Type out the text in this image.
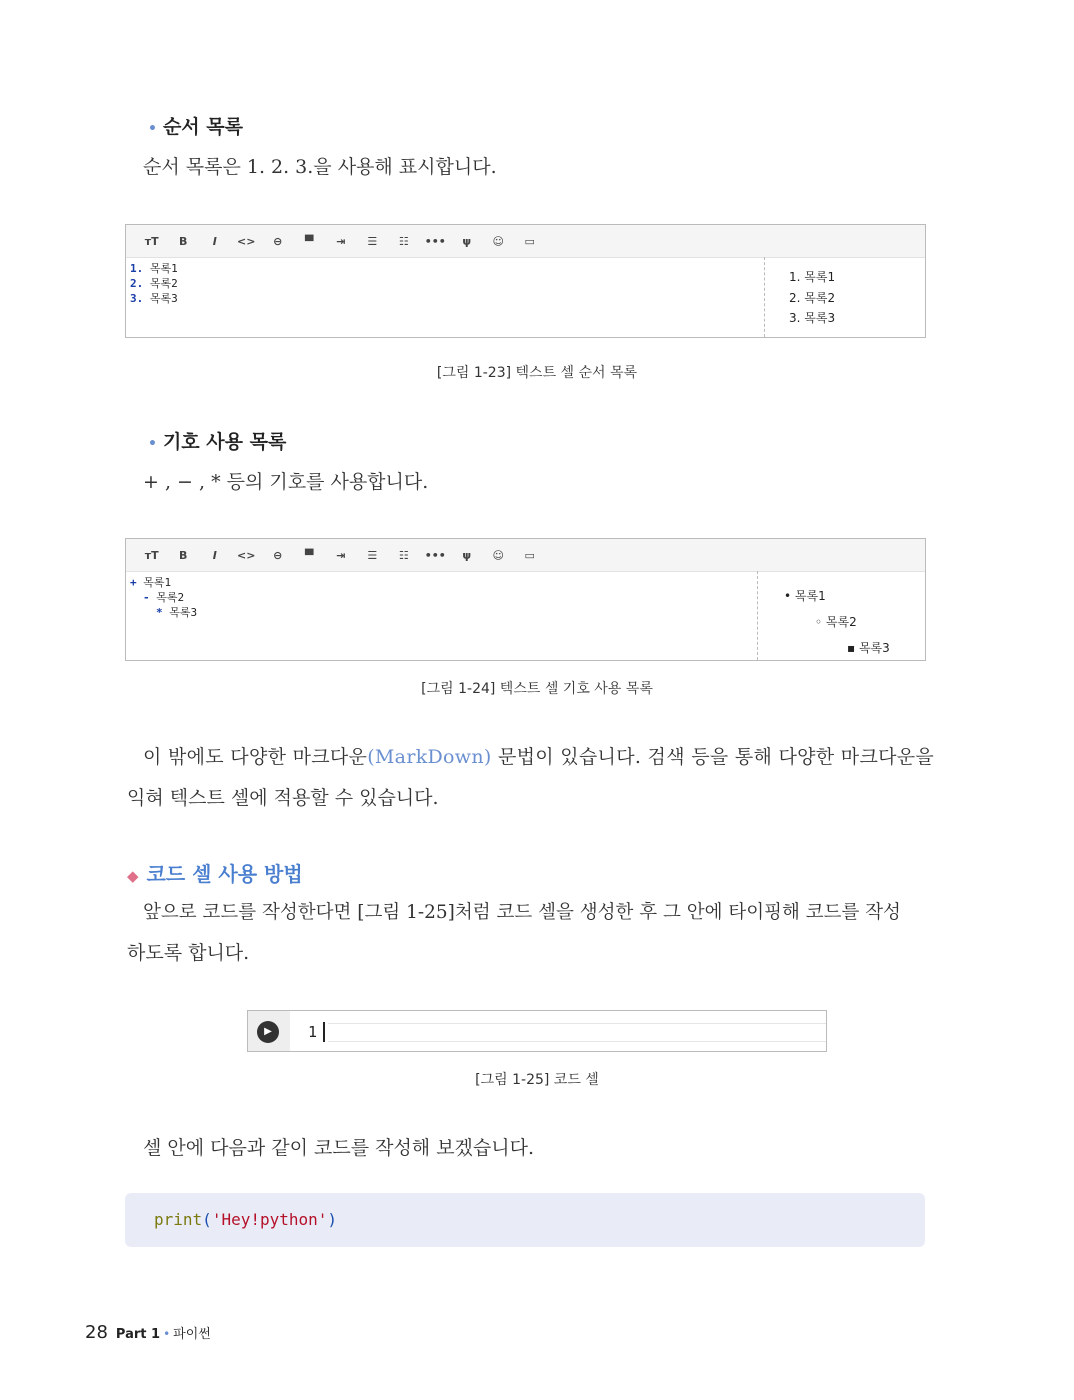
• 순서 목록
순서 목록은 1. 2. 3.을 사용해 표시합니다.
тT	B	I	<>	⊖	▀	⇥	☰	☷	•••	ψ	☺	▭
1. 목록1
2. 목록2
3. 목록3
1. 목록1
2. 목록2
3. 목록3
[그림 1-23] 텍스트 셀 순서 목록
• 기호 사용 목록
+ , − , * 등의 기호를 사용합니다.
тT	B	I	<>	⊖	▀	⇥	☰	☷	•••	ψ	☺	▭
+ 목록1
- 목록2
* 목록3
• 목록1
◦ 목록2
▪ 목록3
[그림 1-24] 텍스트 셀 기호 사용 목록
이 밖에도 다양한 마크다운(MarkDown) 문법이 있습니다. 검색 등을 통해 다양한 마크다운을
익혀 텍스트 셀에 적용할 수 있습니다.
◆ 코드 셀 사용 방법
앞으로 코드를 작성한다면 [그림 1-25]처럼 코드 셀을 생성한 후 그 안에 타이핑해 코드를 작성
하도록 합니다.
▶	1
[그림 1-25] 코드 셀
셀 안에 다음과 같이 코드를 작성해 보겠습니다.
print('Hey!python')
28 Part 1 • 파이썬
